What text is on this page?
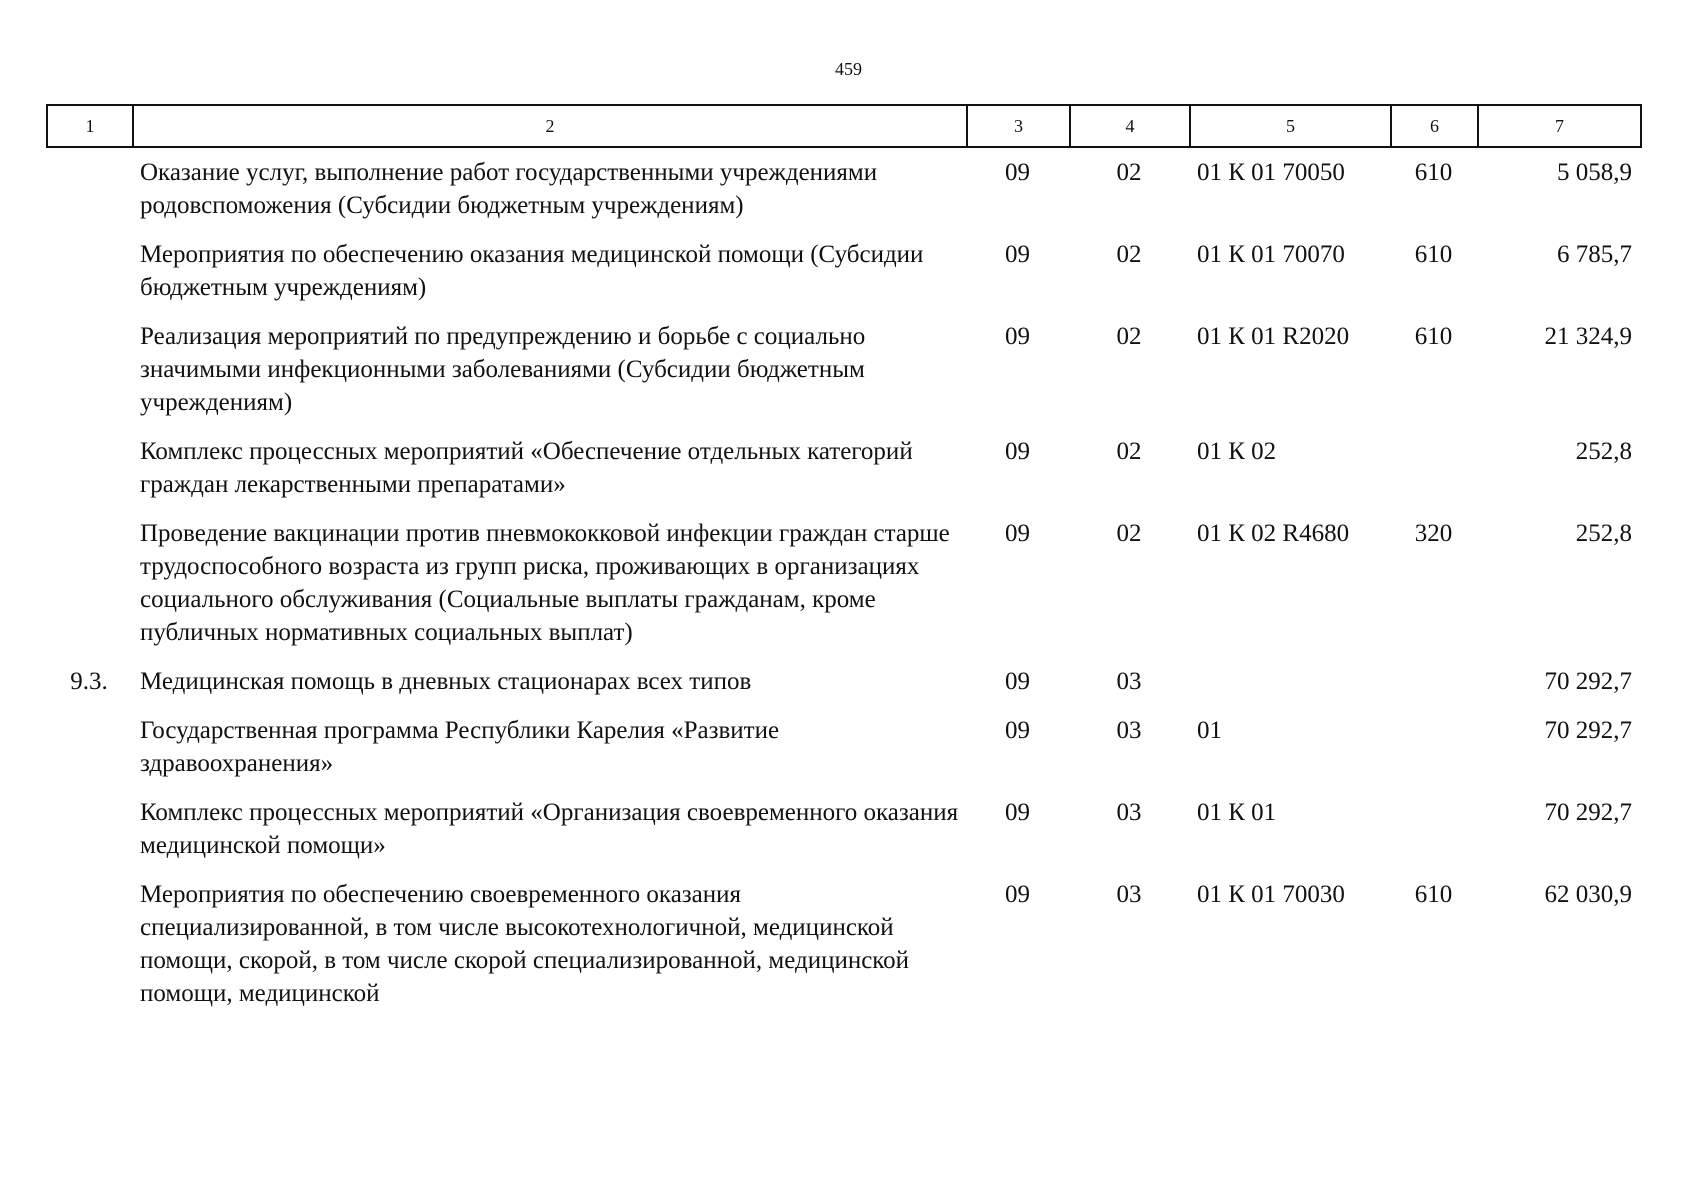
459
1	2	3	4	5	6	7
	Оказание услуг, выполнение работ государственными учреждениями родовспоможения (Субсидии бюджетным учреждениям)	09	02	01 К 01 70050	610	5 058,9
	Мероприятия по обеспечению оказания медицинской помощи (Субсидии бюджетным учреждениям)	09	02	01 К 01 70070	610	6 785,7
	Реализация мероприятий по предупреждению и борьбе с социально значимыми инфекционными заболеваниями (Субсидии бюджетным учреждениям)	09	02	01 К 01 R2020	610	21 324,9
	Комплекс процессных мероприятий «Обеспечение отдельных категорий граждан лекарственными препаратами»	09	02	01 К 02		252,8
	Проведение вакцинации против пневмококковой инфекции граждан старше трудоспособного возраста из групп риска, проживающих в организациях социального обслуживания (Социальные выплаты гражданам, кроме публичных нормативных социальных выплат)	09	02	01 К 02 R4680	320	252,8
9.3.	Медицинская помощь в дневных стационарах всех типов	09	03			70 292,7
	Государственная программа Республики Карелия «Развитие здравоохранения»	09	03	01		70 292,7
	Комплекс процессных мероприятий «Организация своевременного оказания медицинской помощи»	09	03	01 К 01		70 292,7
	Мероприятия по обеспечению своевременного оказания специализированной, в том числе высокотехнологичной, медицинской помощи, скорой, в том числе скорой специализированной, медицинской помощи, медицинской	09	03	01 К 01 70030	610	62 030,9
